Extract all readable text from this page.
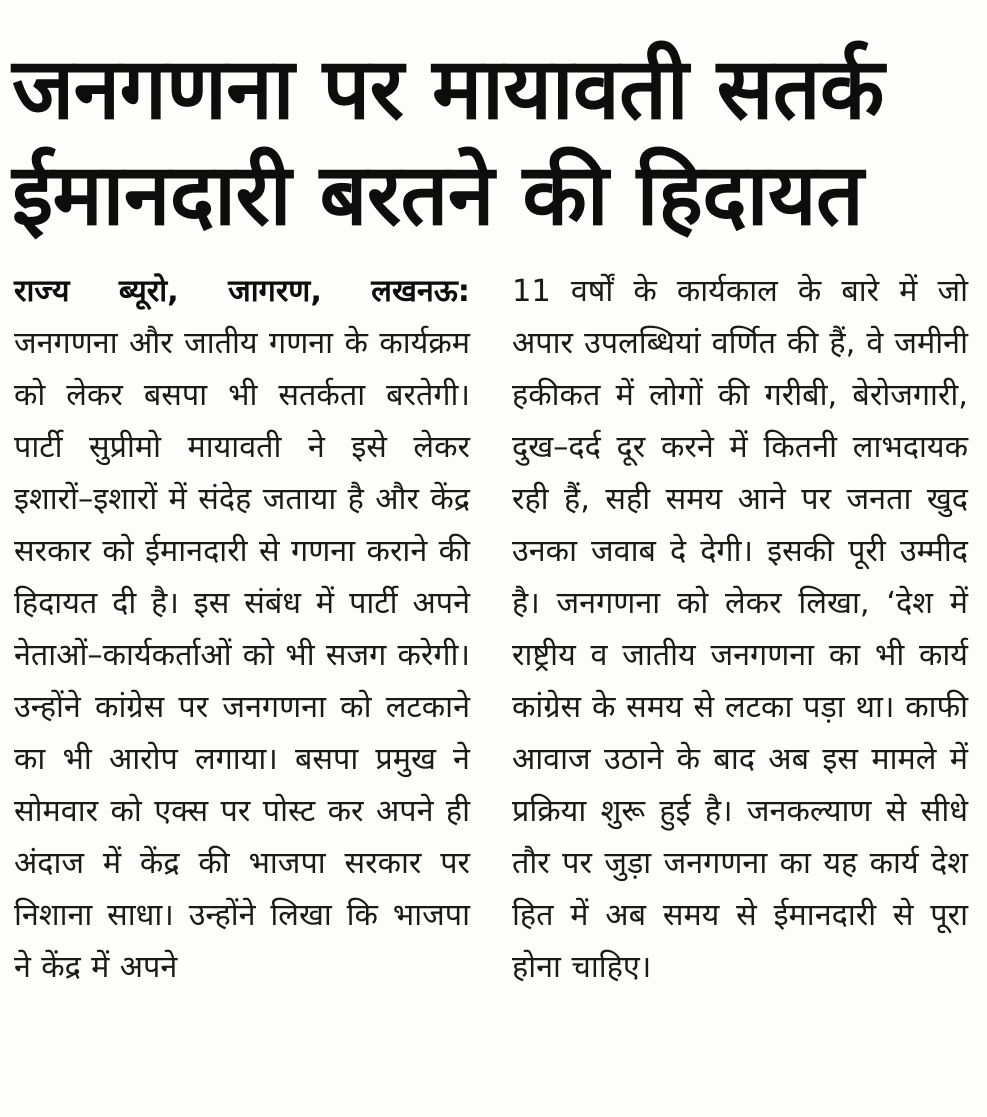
जनगणना पर मायावती सतर्क
ईमानदारी बरतने की हिदायत

राज्य ब्यूरो, जागरण, लखनऊ: जनगणना और जातीय गणना के कार्यक्रम को लेकर बसपा भी सतर्कता बरतेगी। पार्टी सुप्रीमो मायावती ने इसे लेकर इशारों–इशारों में संदेह जताया है और केंद्र सरकार को ईमानदारी से गणना कराने की हिदायत दी है। इस संबंध में पार्टी अपने नेताओं–कार्यकर्ताओं को भी सजग करेगी। उन्होंने कांग्रेस पर जनगणना को लटकाने का भी आरोप लगाया। बसपा प्रमुख ने सोमवार को एक्स पर पोस्ट कर अपने ही अंदाज में केंद्र की भाजपा सरकार पर निशाना साधा। उन्होंने लिखा कि भाजपा ने केंद्र में अपने

11 वर्षों के कार्यकाल के बारे में जो अपार उपलब्धियां वर्णित की हैं, वे जमीनी हकीकत में लोगों की गरीबी, बेरोजगारी, दुख–दर्द दूर करने में कितनी लाभदायक रही हैं, सही समय आने पर जनता खुद उनका जवाब दे देगी। इसकी पूरी उम्मीद है। जनगणना को लेकर लिखा, ‘देश में राष्ट्रीय व जातीय जनगणना का भी कार्य कांग्रेस के समय से लटका पड़ा था। काफी आवाज उठाने के बाद अब इस मामले में प्रक्रिया शुरू हुई है। जनकल्याण से सीधे तौर पर जुड़ा जनगणना का यह कार्य देश हित में अब समय से ईमानदारी से पूरा होना चाहिए।
